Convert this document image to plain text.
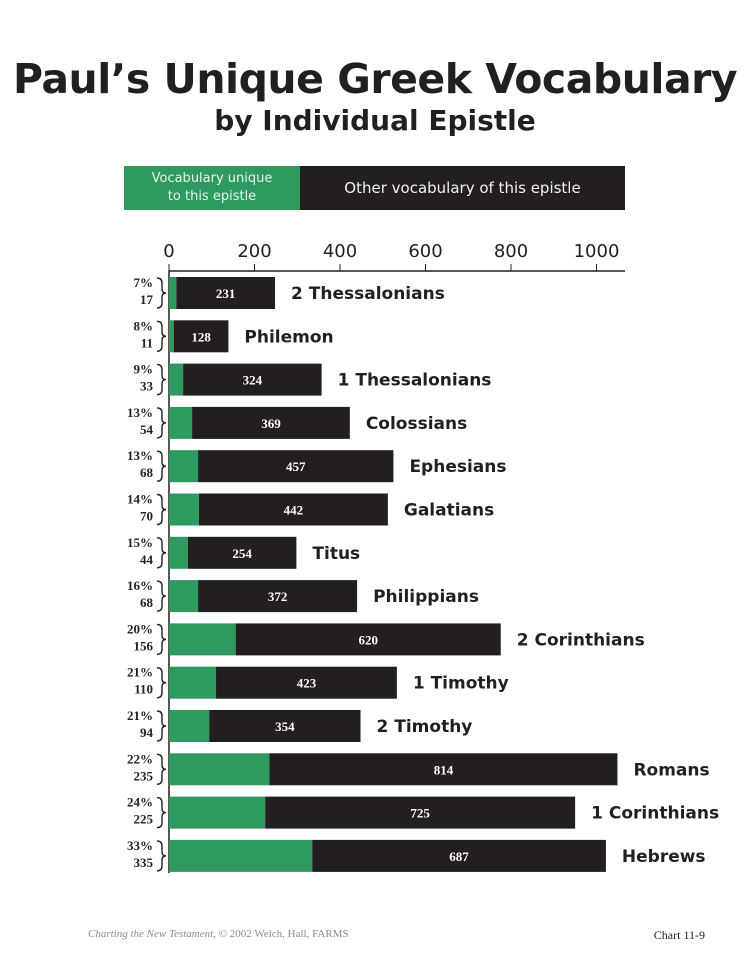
Paul’s Unique Greek Vocabulary
by Individual Epistle
Vocabulary unique
to this epistle	Other vocabulary of this epistle
0	200	400	600	800	1000
231	2 Thessalonians
7%
17
128 Philemon
8%
11
324	1 Thessalonians
9%
33
369	Colossians
13%
54
457	Ephesians
13%
68
442	Galatians
14%
70
254	Titus
15%
44
372	Philippians
16%
68
620	2 Corinthians
20%
156
423	1 Timothy
21%
110
354	2 Timothy
21%
94
814	Romans
22%
235
725	1 Corinthians
24%
225
687	Hebrews
33%
335
Charting the New Testament, © 2002 Welch, Hall, FARMS	Chart 11-9
